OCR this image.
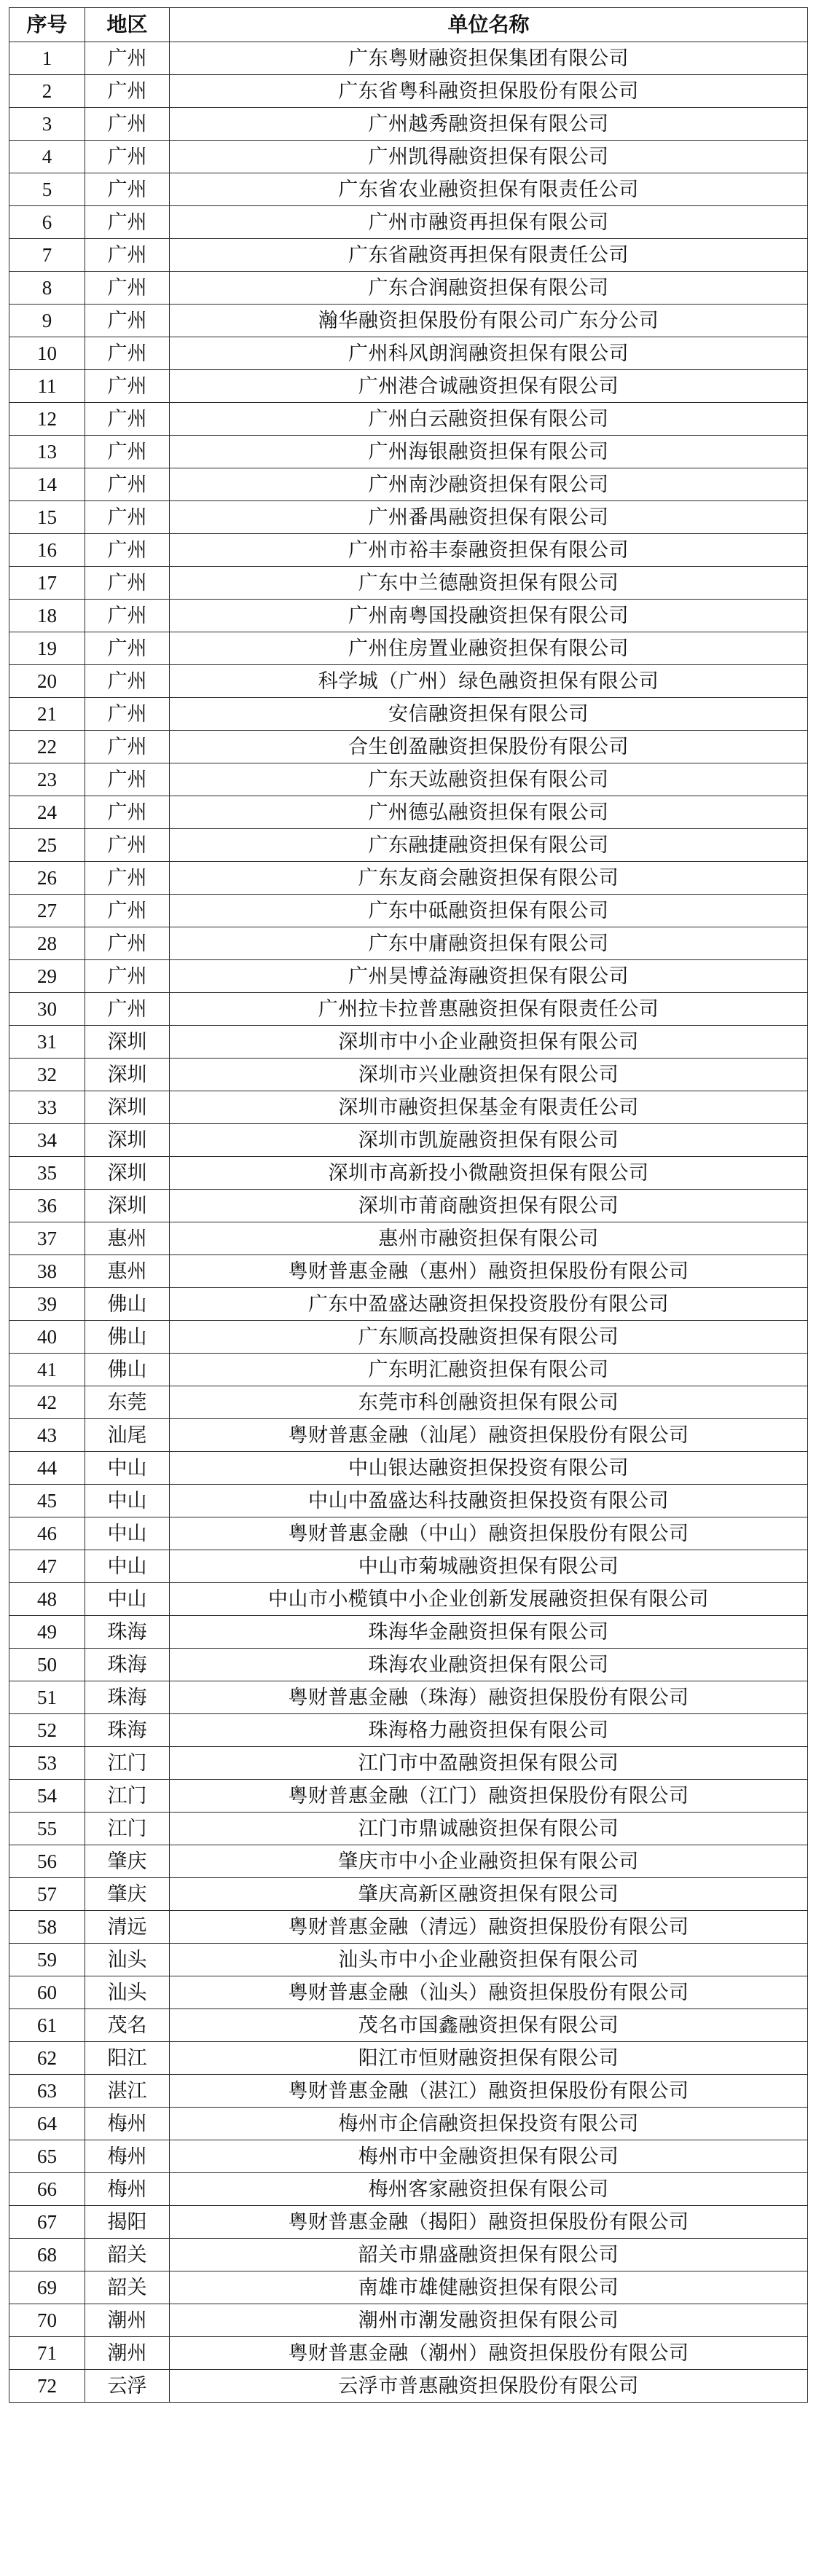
序号	地区	单位名称
1	广州	广东粤财融资担保集团有限公司
2	广州	广东省粤科融资担保股份有限公司
3	广州	广州越秀融资担保有限公司
4	广州	广州凯得融资担保有限公司
5	广州	广东省农业融资担保有限责任公司
6	广州	广州市融资再担保有限公司
7	广州	广东省融资再担保有限责任公司
8	广州	广东合润融资担保有限公司
9	广州	瀚华融资担保股份有限公司广东分公司
10	广州	广州科风朗润融资担保有限公司
11	广州	广州港合诚融资担保有限公司
12	广州	广州白云融资担保有限公司
13	广州	广州海银融资担保有限公司
14	广州	广州南沙融资担保有限公司
15	广州	广州番禺融资担保有限公司
16	广州	广州市裕丰泰融资担保有限公司
17	广州	广东中兰德融资担保有限公司
18	广州	广州南粤国投融资担保有限公司
19	广州	广州住房置业融资担保有限公司
20	广州	科学城（广州）绿色融资担保有限公司
21	广州	安信融资担保有限公司
22	广州	合生创盈融资担保股份有限公司
23	广州	广东天竑融资担保有限公司
24	广州	广州德弘融资担保有限公司
25	广州	广东融捷融资担保有限公司
26	广州	广东友商会融资担保有限公司
27	广州	广东中砥融资担保有限公司
28	广州	广东中庸融资担保有限公司
29	广州	广州昊博益海融资担保有限公司
30	广州	广州拉卡拉普惠融资担保有限责任公司
31	深圳	深圳市中小企业融资担保有限公司
32	深圳	深圳市兴业融资担保有限公司
33	深圳	深圳市融资担保基金有限责任公司
34	深圳	深圳市凯旋融资担保有限公司
35	深圳	深圳市高新投小微融资担保有限公司
36	深圳	深圳市莆商融资担保有限公司
37	惠州	惠州市融资担保有限公司
38	惠州	粤财普惠金融（惠州）融资担保股份有限公司
39	佛山	广东中盈盛达融资担保投资股份有限公司
40	佛山	广东顺高投融资担保有限公司
41	佛山	广东明汇融资担保有限公司
42	东莞	东莞市科创融资担保有限公司
43	汕尾	粤财普惠金融（汕尾）融资担保股份有限公司
44	中山	中山银达融资担保投资有限公司
45	中山	中山中盈盛达科技融资担保投资有限公司
46	中山	粤财普惠金融（中山）融资担保股份有限公司
47	中山	中山市菊城融资担保有限公司
48	中山	中山市小榄镇中小企业创新发展融资担保有限公司
49	珠海	珠海华金融资担保有限公司
50	珠海	珠海农业融资担保有限公司
51	珠海	粤财普惠金融（珠海）融资担保股份有限公司
52	珠海	珠海格力融资担保有限公司
53	江门	江门市中盈融资担保有限公司
54	江门	粤财普惠金融（江门）融资担保股份有限公司
55	江门	江门市鼎诚融资担保有限公司
56	肇庆	肇庆市中小企业融资担保有限公司
57	肇庆	肇庆高新区融资担保有限公司
58	清远	粤财普惠金融（清远）融资担保股份有限公司
59	汕头	汕头市中小企业融资担保有限公司
60	汕头	粤财普惠金融（汕头）融资担保股份有限公司
61	茂名	茂名市国鑫融资担保有限公司
62	阳江	阳江市恒财融资担保有限公司
63	湛江	粤财普惠金融（湛江）融资担保股份有限公司
64	梅州	梅州市企信融资担保投资有限公司
65	梅州	梅州市中金融资担保有限公司
66	梅州	梅州客家融资担保有限公司
67	揭阳	粤财普惠金融（揭阳）融资担保股份有限公司
68	韶关	韶关市鼎盛融资担保有限公司
69	韶关	南雄市雄健融资担保有限公司
70	潮州	潮州市潮发融资担保有限公司
71	潮州	粤财普惠金融（潮州）融资担保股份有限公司
72	云浮	云浮市普惠融资担保股份有限公司
